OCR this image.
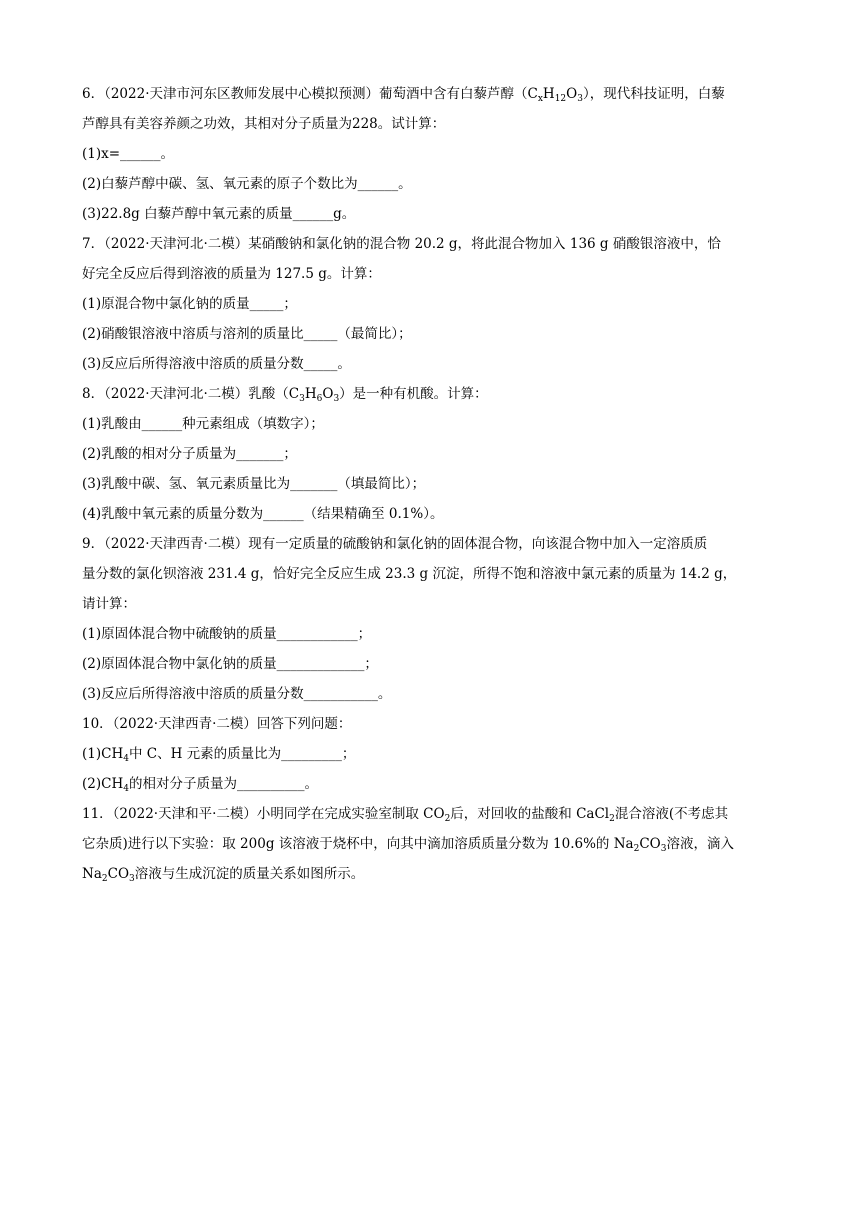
6．（2022·天津市河东区教师发展中心模拟预测）葡萄酒中含有白藜芦醇$(C_xH_{12}O_3)$，现代科技证明，白藜
芦醇具有美容养颜之功效，其相对分子质量为228。试计算：
(1)x=______。
(2)白藜芦醇中碳、氢、氧元素的原子个数比为______。
(3)22.8g 白藜芦醇中氧元素的质量______g。
7．（2022·天津河北·二模）某硝酸钠和氯化钠的混合物 20.2 g，将此混合物加入 136 g 硝酸银溶液中，恰
好完全反应后得到溶液的质量为 127.5 g。计算：
(1)原混合物中氯化钠的质量_____；
(2)硝酸银溶液中溶质与溶剂的质量比_____（最简比）；
(3)反应后所得溶液中溶质的质量分数_____。
8．（2022·天津河北·二模）乳酸$(C_3H_6O_3)$是一种有机酸。计算：
(1)乳酸由______种元素组成（填数字）；
(2)乳酸的相对分子质量为_______；
(3)乳酸中碳、氢、氧元素质量比为_______（填最简比）；
(4)乳酸中氧元素的质量分数为______（结果精确至 0.1%）。
9．（2022·天津西青·二模）现有一定质量的硫酸钠和氯化钠的固体混合物，向该混合物中加入一定溶质质
量分数的氯化钡溶液 231.4 g，恰好完全反应生成 23.3 g 沉淀，所得不饱和溶液中氯元素的质量为 14.2 g，
请计算：
(1)原固体混合物中硫酸钠的质量____________；
(2)原固体混合物中氯化钠的质量_____________；
(3)反应后所得溶液中溶质的质量分数___________。
10．（2022·天津西青·二模）回答下列问题：
$(1)CH_4$中 C、H 元素的质量比为_________；
$(2)CH_4$的相对分子质量为__________。
11．（2022·天津和平·二模）小明同学在完成实验室制取 $CO_2$后，对回收的盐酸和 CaCl$_2$混合溶液(不考虑其
它杂质)进行以下实验：取 200g 该溶液于烧杯中，向其中滴加溶质质量分数为 10.6%的 $Na_2CO_3$溶液，滴入
$Na_2CO_3$溶液与生成沉淀的质量关系如图所示。
